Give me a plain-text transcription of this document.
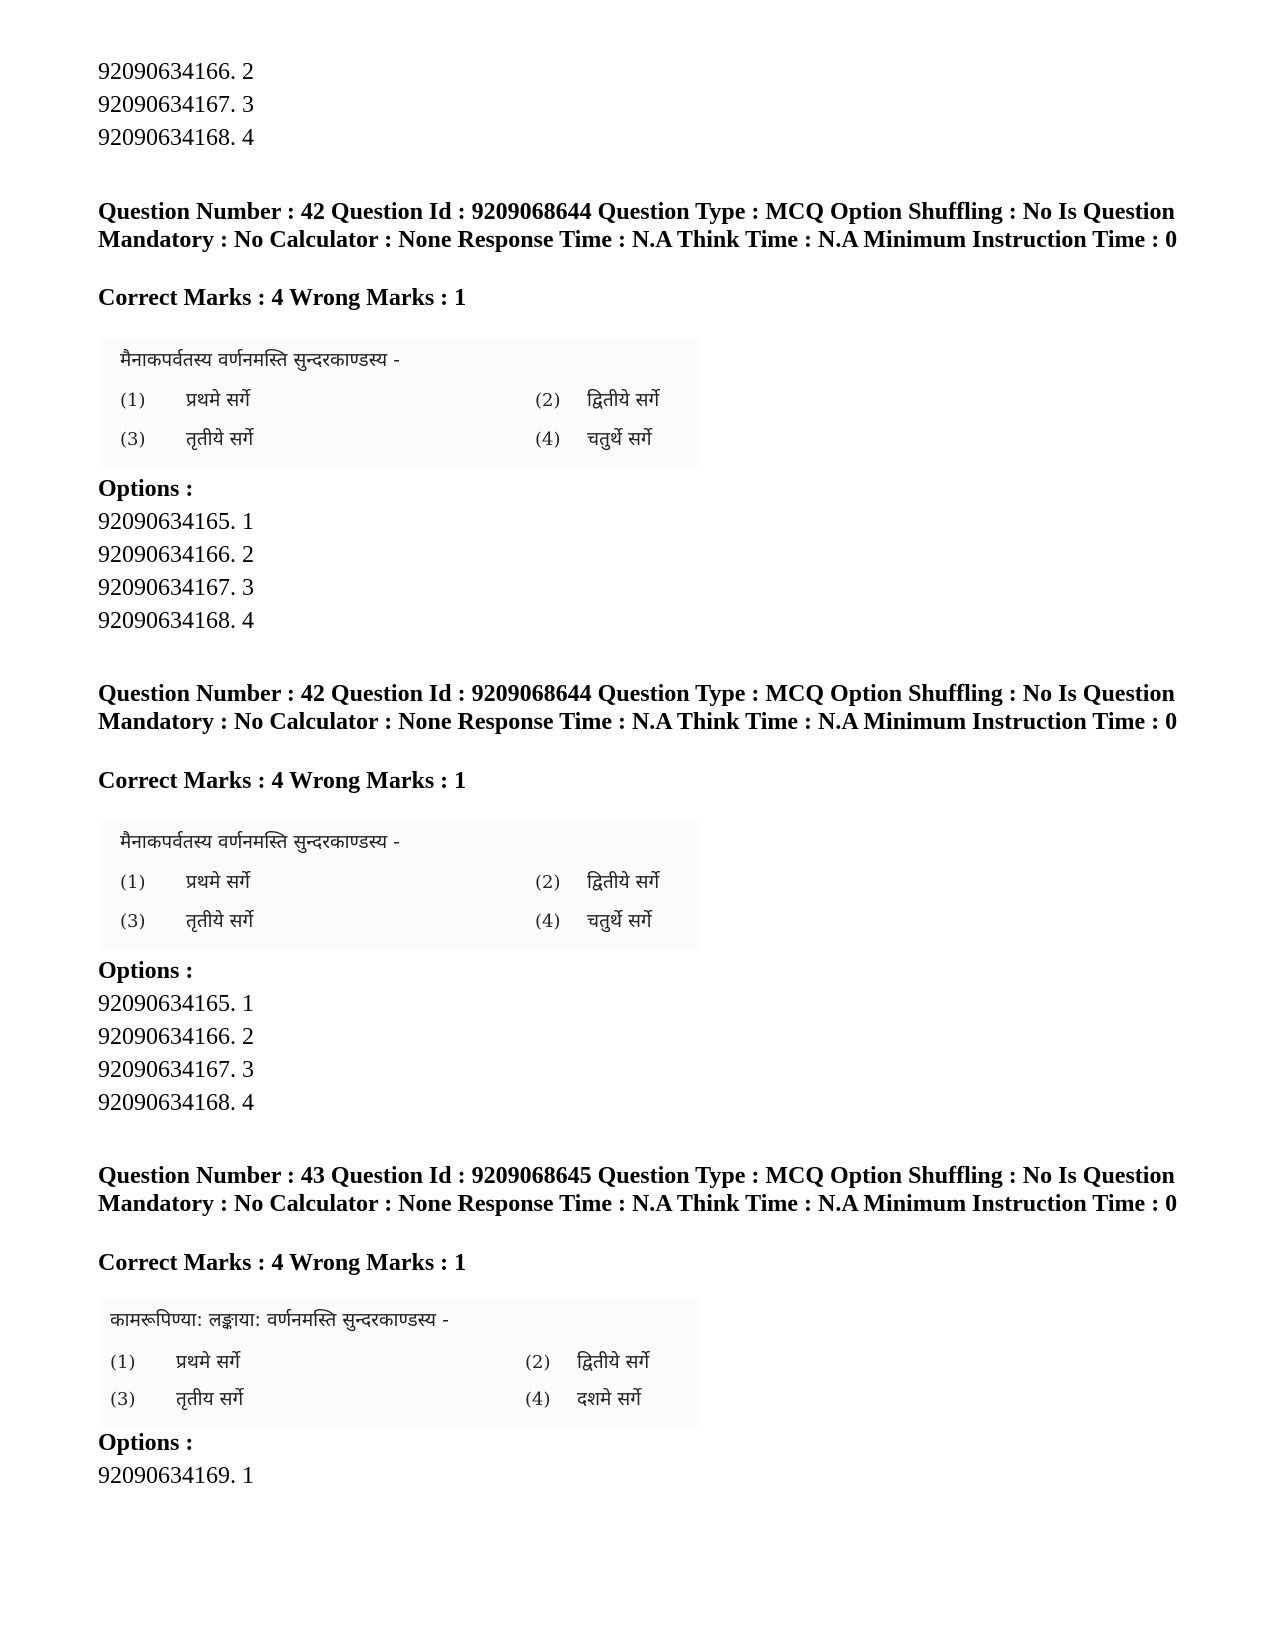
92090634166. 2
92090634167. 3
92090634168. 4
Question Number : 42 Question Id : 9209068644 Question Type : MCQ Option Shuffling : No Is Question Mandatory : No Calculator : None Response Time : N.A Think Time : N.A Minimum Instruction Time : 0
Correct Marks : 4 Wrong Marks : 1
मैनाकपर्वतस्य वर्णनमस्ति सुन्दरकाण्डस्य -
(1) प्रथमे सर्गे	(2) द्वितीये सर्गे
(3) तृतीये सर्गे	(4) चतुर्थे सर्गे
Options :
92090634165. 1
92090634166. 2
92090634167. 3
92090634168. 4
Question Number : 42 Question Id : 9209068644 Question Type : MCQ Option Shuffling : No Is Question Mandatory : No Calculator : None Response Time : N.A Think Time : N.A Minimum Instruction Time : 0
Correct Marks : 4 Wrong Marks : 1
मैनाकपर्वतस्य वर्णनमस्ति सुन्दरकाण्डस्य -
(1) प्रथमे सर्गे	(2) द्वितीये सर्गे
(3) तृतीये सर्गे	(4) चतुर्थे सर्गे
Options :
92090634165. 1
92090634166. 2
92090634167. 3
92090634168. 4
Question Number : 43 Question Id : 9209068645 Question Type : MCQ Option Shuffling : No Is Question Mandatory : No Calculator : None Response Time : N.A Think Time : N.A Minimum Instruction Time : 0
Correct Marks : 4 Wrong Marks : 1
कामरूपिण्या: लङ्काया: वर्णनमस्ति सुन्दरकाण्डस्य -
(1) प्रथमे सर्गे	(2) द्वितीये सर्गे
(3) तृतीय सर्गे	(4) दशमे सर्गे
Options :
92090634169. 1
